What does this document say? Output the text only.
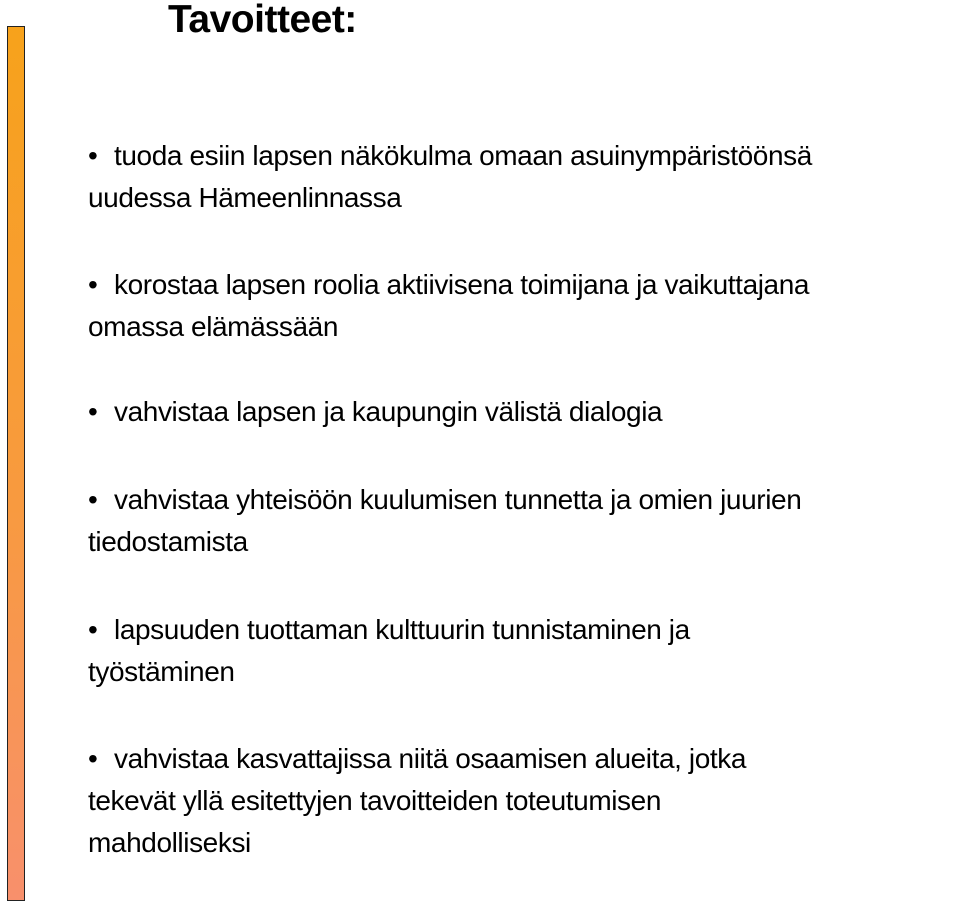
Tavoitteet:
• tuoda esiin lapsen näkökulma omaan asuinympäristöönsä
uudessa Hämeenlinnassa
• korostaa lapsen roolia aktiivisena toimijana ja vaikuttajana
omassa elämässään
• vahvistaa lapsen ja kaupungin välistä dialogia
• vahvistaa yhteisöön kuulumisen tunnetta ja omien juurien
tiedostamista
• lapsuuden tuottaman kulttuurin tunnistaminen ja
työstäminen
• vahvistaa kasvattajissa niitä osaamisen alueita, jotka
tekevät yllä esitettyjen tavoitteiden toteutumisen
mahdolliseksi
